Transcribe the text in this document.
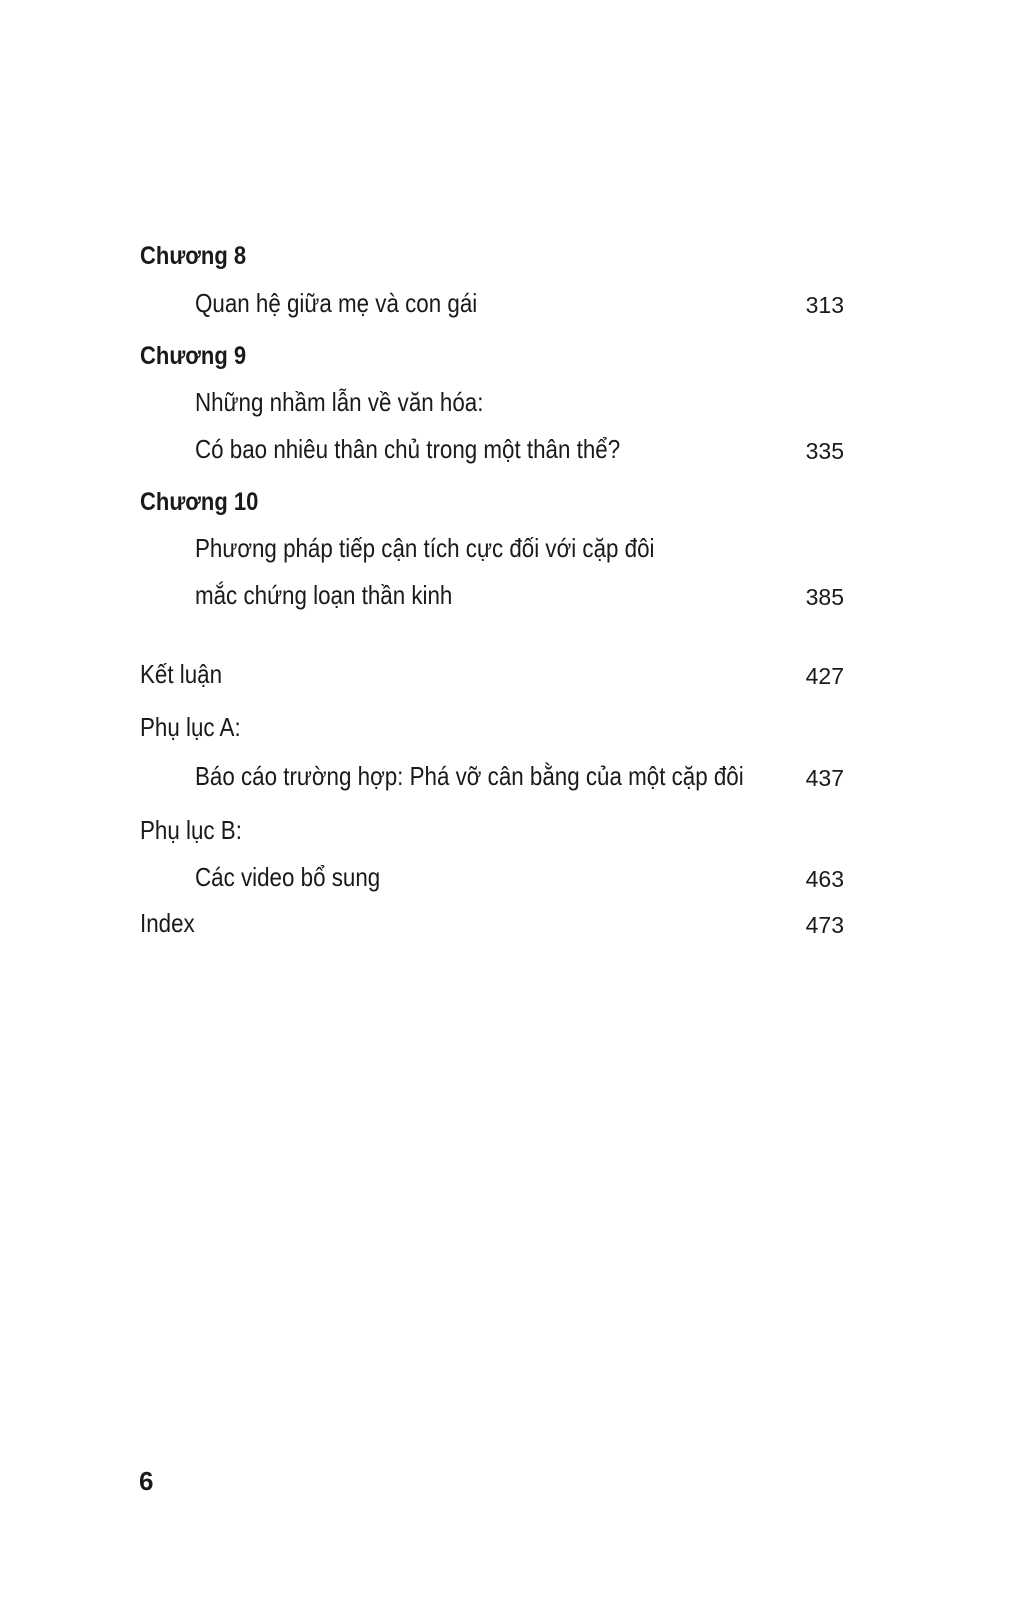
Chương 8
Quan hệ giữa mẹ và con gái	313
Chương 9
Những nhầm lẫn về văn hóa:
Có bao nhiêu thân chủ trong một thân thể?	335
Chương 10
Phương pháp tiếp cận tích cực đối với cặp đôi
mắc chứng loạn thần kinh	385
Kết luận	427
Phụ lục A:
Báo cáo trường hợp: Phá vỡ cân bằng của một cặp đôi	437
Phụ lục B:
Các video bổ sung	463
Index	473
6
